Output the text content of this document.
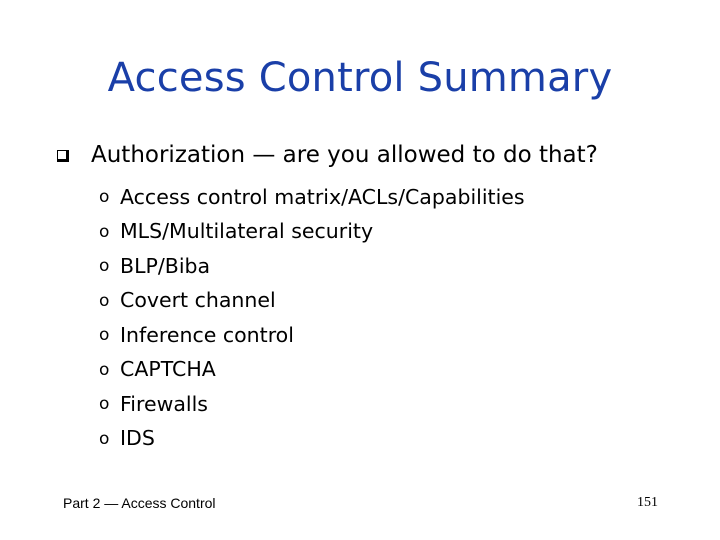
Access Control Summary
Authorization — are you allowed to do that?
o Access control matrix/ACLs/Capabilities
o MLS/Multilateral security
o BLP/Biba
o Covert channel
o Inference control
o CAPTCHA
o Firewalls
o IDS
Part 2 — Access Control	151
